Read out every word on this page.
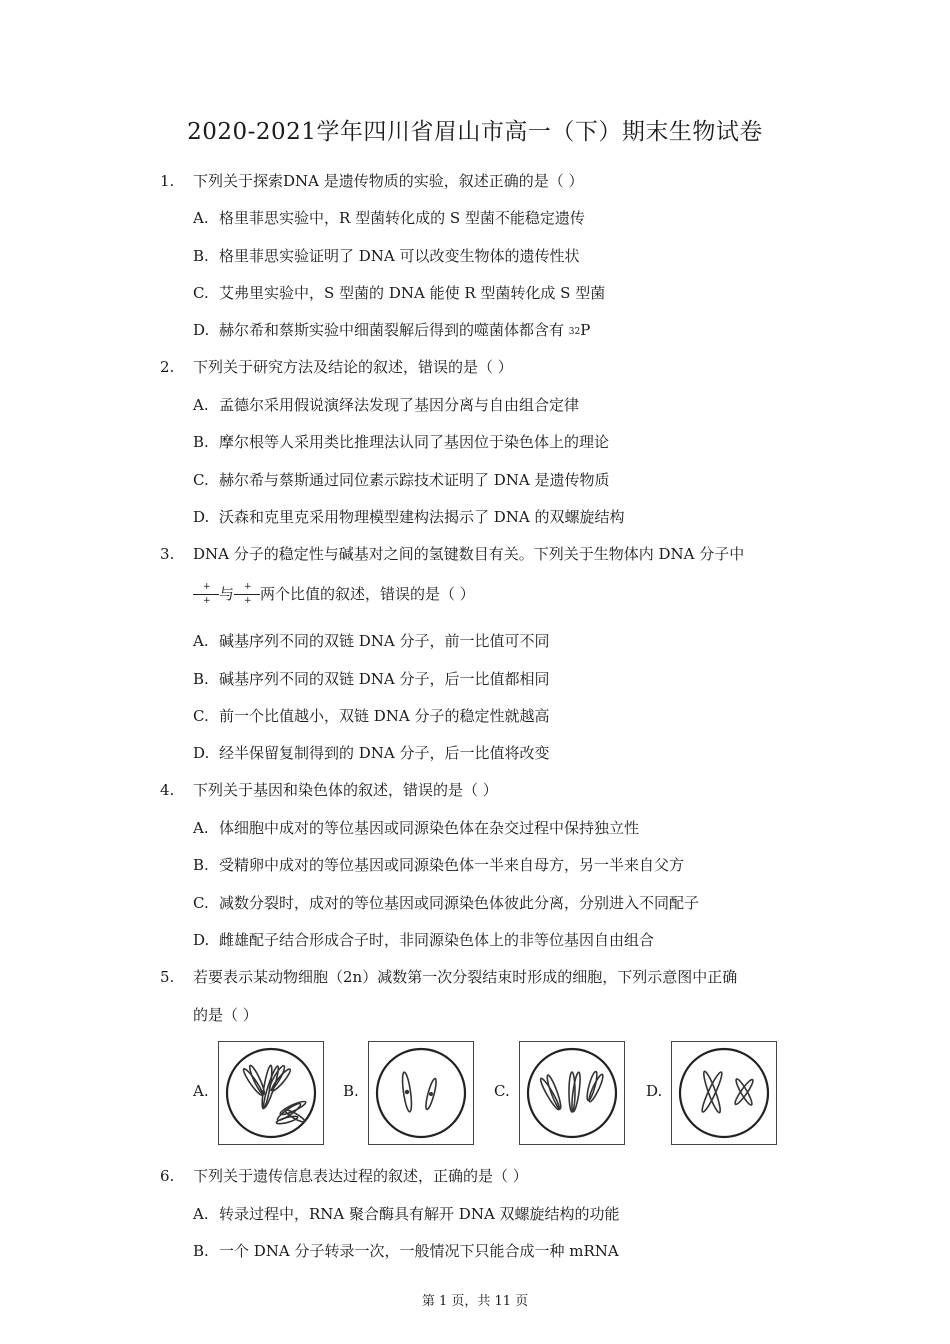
2020-2021学年四川省眉山市高一（下）期末生物试卷
1. 下列关于探索DNA 是遗传物质的实验，叙述正确的是（ ）
A. 格里菲思实验中，R 型菌转化成的 S 型菌不能稳定遗传
B. 格里菲思实验证明了 DNA 可以改变生物体的遗传性状
C. 艾弗里实验中，S 型菌的 DNA 能使 R 型菌转化成 S 型菌
D. 赫尔希和蔡斯实验中细菌裂解后得到的噬菌体都含有 $^{32}$P
2. 下列关于研究方法及结论的叙述，错误的是（ ）
A. 孟德尔采用假说演绎法发现了基因分离与自由组合定律
B. 摩尔根等人采用类比推理法认同了基因位于染色体上的理论
C. 赫尔希与蔡斯通过同位素示踪技术证明了 DNA 是遗传物质
D. 沃森和克里克采用物理模型建构法揭示了 DNA 的双螺旋结构
3. DNA 分子的稳定性与碱基对之间的氢键数目有关。下列关于生物体内 DNA 分子中
$\frac{+}{+}$ 与 $\frac{+}{+}$ 两个比值的叙述，错误的是（ ）
A. 碱基序列不同的双链 DNA 分子，前一比值可不同
B. 碱基序列不同的双链 DNA 分子，后一比值都相同
C. 前一个比值越小，双链 DNA 分子的稳定性就越高
D. 经半保留复制得到的 DNA 分子，后一比值将改变
4. 下列关于基因和染色体的叙述，错误的是（ ）
A. 体细胞中成对的等位基因或同源染色体在杂交过程中保持独立性
B. 受精卵中成对的等位基因或同源染色体一半来自母方，另一半来自父方
C. 减数分裂时，成对的等位基因或同源染色体彼此分离，分别进入不同配子
D. 雌雄配子结合形成合子时，非同源染色体上的非等位基因自由组合
5. 若要表示某动物细胞（2n）减数第一次分裂结束时形成的细胞，下列示意图中正确
的是（ ）
A.	B.	C.	D.
6. 下列关于遗传信息表达过程的叙述，正确的是（ ）
A. 转录过程中，RNA 聚合酶具有解开 DNA 双螺旋结构的功能
B. 一个 DNA 分子转录一次，一般情况下只能合成一种 mRNA
第 1 页，共 11 页
